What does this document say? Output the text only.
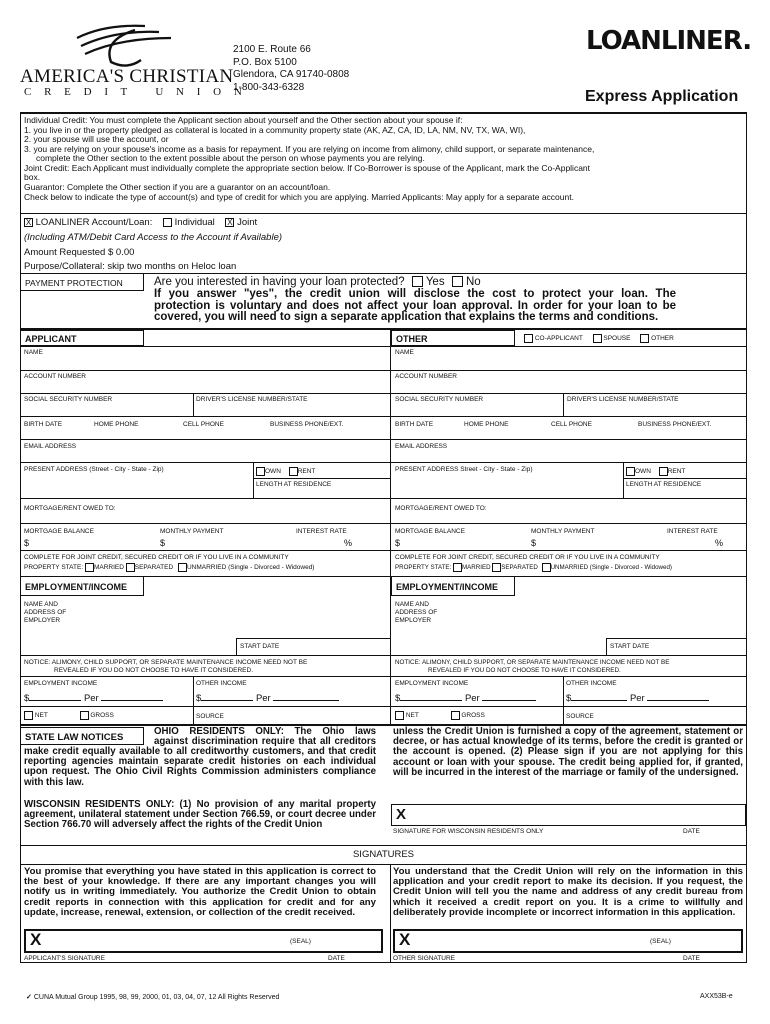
AMERICA'S CHRISTIAN
C R E D I T   U N I O N
2100 E. Route 66
P.O. Box 5100
Glendora, CA 91740-0808
1-800-343-6328
LOANLINER.
Express Application
Individual Credit: You must complete the Applicant section about yourself and the Other section about your spouse if:
1. you live in or the property pledged as collateral is located in a community property state (AK, AZ, CA, ID, LA, NM, NV, TX, WA, WI),
2. your spouse will use the account, or
3. you are relying on your spouse's income as a basis for repayment. If you are relying on income from alimony, child support, or separate maintenance,
complete the Other section to the extent possible about the person on whose payments you are relying.
Joint Credit: Each Applicant must individually complete the appropriate section below. If Co-Borrower is spouse of the Applicant, mark the Co-Applicant
box.
Guarantor: Complete the Other section if you are a guarantor on an account/loan.
Check below to indicate the type of account(s) and type of credit for which you are applying. Married Applicants: May apply for a separate account.
X LOANLINER Account/Loan: Individual X Joint
(Including ATM/Debit Card Access to the Account if Available)
Amount Requested $ 0.00
Purpose/Collateral: skip two months on Heloc loan
PAYMENT PROTECTION	Are you interested in having your loan protected? Yes No
If you answer "yes", the credit union will disclose the cost to protect your loan. The
protection is voluntary and does not affect your loan approval. In order for your loan to be
covered, you will need to sign a separate application that explains the terms and conditions.
APPLICANT
NAME
ACCOUNT NUMBER
SOCIAL SECURITY NUMBER	DRIVER'S LICENSE NUMBER/STATE
BIRTH DATE	HOME PHONE	CELL PHONE	BUSINESS PHONE/EXT.
EMAIL ADDRESS
PRESENT ADDRESS (Street - City - State - Zip)	OWN	RENT
LENGTH AT RESIDENCE
MORTGAGE/RENT OWED TO:
MORTGAGE BALANCE	MONTHLY PAYMENT	INTEREST RATE
$	$	%
COMPLETE FOR JOINT CREDIT, SECURED CREDIT OR IF YOU LIVE IN A COMMUNITY
PROPERTY STATE: MARRIED SEPARATED UNMARRIED (Single - Divorced - Widowed)
EMPLOYMENT/INCOME
NAME AND
ADDRESS OF
EMPLOYER
START DATE
NOTICE: ALIMONY, CHILD SUPPORT, OR SEPARATE MAINTENANCE INCOME NEED NOT BE
REVEALED IF YOU DO NOT CHOOSE TO HAVE IT CONSIDERED.
EMPLOYMENT INCOME	OTHER INCOME
$	Per	$	Per
NET	GROSS	SOURCE
OTHER	CO-APPLICANT	SPOUSE	OTHER
NAME
ACCOUNT NUMBER
SOCIAL SECURITY NUMBER	DRIVER'S LICENSE NUMBER/STATE
BIRTH DATE	HOME PHONE	CELL PHONE	BUSINESS PHONE/EXT.
EMAIL ADDRESS
PRESENT ADDRESS Street - City - State - Zip)	OWN	RENT
LENGTH AT RESIDENCE
MORTGAGE/RENT OWED TO:
MORTGAGE BALANCE	MONTHLY PAYMENT	INTEREST RATE
$	$	%
COMPLETE FOR JOINT CREDIT, SECURED CREDIT OR IF YOU LIVE IN A COMMUNITY
PROPERTY STATE: MARRIED SEPARATED UNMARRIED (Single - Divorced - Widowed)
EMPLOYMENT/INCOME
NAME AND
ADDRESS OF
EMPLOYER
START DATE
NOTICE: ALIMONY, CHILD SUPPORT, OR SEPARATE MAINTENANCE INCOME NEED NOT BE
REVEALED IF YOU DO NOT CHOOSE TO HAVE IT CONSIDERED.
EMPLOYMENT INCOME	OTHER INCOME
$	Per	$	Per
NET	GROSS	SOURCE
STATE LAW NOTICES
OHIO RESIDENTS ONLY: The Ohio laws
against discrimination require that all creditors
make credit equally available to all creditworthy customers, and that credit reporting agencies maintain separate credit histories on each individual upon request. The Ohio Civil Rights Commission administers compliance with this law.
WISCONSIN RESIDENTS ONLY: (1) No provision of any marital property agreement, unilateral statement under Section 766.59, or court decree under Section 766.70 will adversely affect the rights of the Credit Union
unless the Credit Union is furnished a copy of the agreement, statement or decree, or has actual knowledge of its terms, before the credit is granted or the account is opened. (2) Please sign if you are not applying for this account or loan with your spouse. The credit being applied for, if granted, will be incurred in the interest of the marriage or family of the undersigned.
X
SIGNATURE FOR WISCONSIN RESIDENTS ONLY	DATE
SIGNATURES
You promise that everything you have stated in this application is correct to the best of your knowledge. If there are any important changes you will notify us in writing immediately. You authorize the Credit Union to obtain credit reports in connection with this application for credit and for any update, increase, renewal, extension, or collection of the credit received.
You understand that the Credit Union will rely on the information in this application and your credit report to make its decision. If you request, the Credit Union will tell you the name and address of any credit bureau from which it received a credit report on you. It is a crime to willfully and deliberately provide incomplete or incorrect information in this application.
X	(SEAL)
APPLICANT'S SIGNATURE	DATE
X	(SEAL)
OTHER SIGNATURE	DATE
✓ CUNA Mutual Group 1995, 98, 99, 2000, 01, 03, 04, 07, 12 All Rights Reserved	AXX53B-e
